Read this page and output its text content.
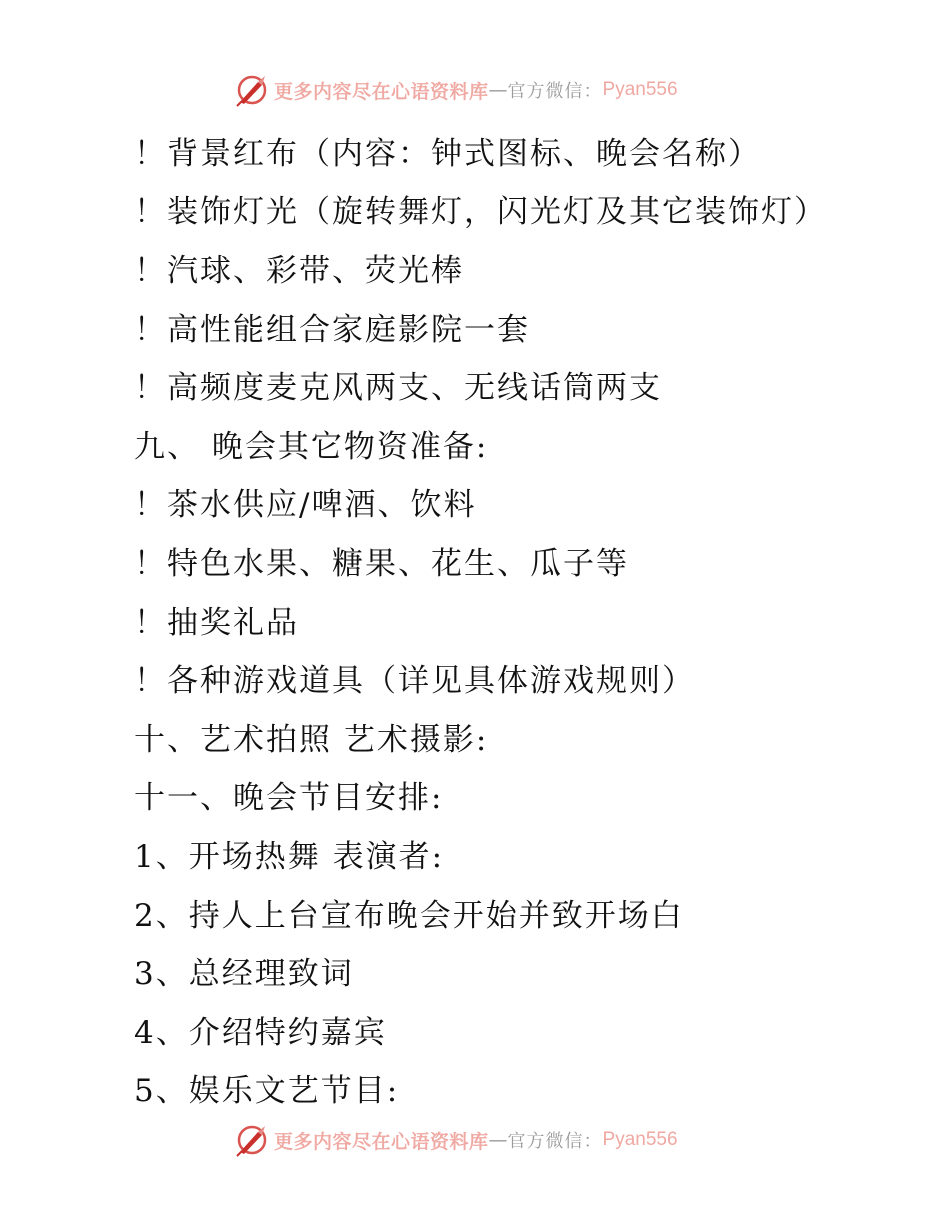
更多内容尽在心语资料库 — 官方微信： Pyan556
！背景红布（内容：钟式图标、晚会名称）
！装饰灯光（旋转舞灯，闪光灯及其它装饰灯）
！汽球、彩带、荧光棒
！高性能组合家庭影院一套
！高频度麦克风两支、无线话筒两支
九、 晚会其它物资准备:
！茶水供应/啤酒、饮料
！特色水果、糖果、花生、瓜子等
！抽奖礼品
！各种游戏道具（详见具体游戏规则）
十、艺术拍照 艺术摄影:
十一、晚会节目安排:
1、开场热舞 表演者:
2、持人上台宣布晚会开始并致开场白
3、总经理致词
4、介绍特约嘉宾
5、娱乐文艺节目:
更多内容尽在心语资料库 — 官方微信： Pyan556
